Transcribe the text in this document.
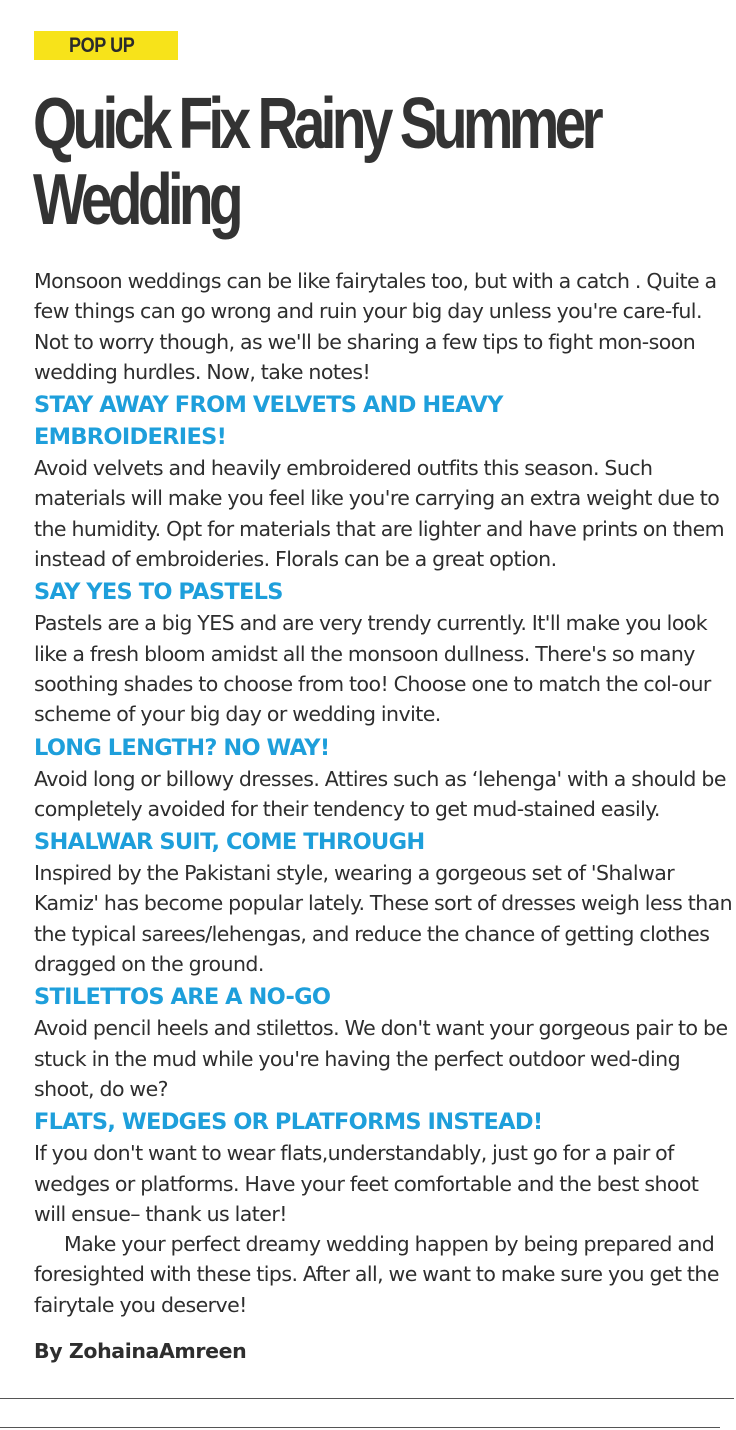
POP UP
Quick Fix Rainy Summer
Wedding

Monsoon weddings can be like fairytales too, but with a catch . Quite a few things can go wrong and ruin your big day unless you're care-ful. Not to worry though, as we'll be sharing a few tips to fight mon-soon wedding hurdles. Now, take notes!

STAY AWAY FROM VELVETS AND HEAVY EMBROIDERIES!

Avoid velvets and heavily embroidered outfits this season. Such materials will make you feel like you're carrying an extra weight due to the humidity. Opt for materials that are lighter and have prints on them instead of embroideries. Florals can be a great option.

SAY YES TO PASTELS

Pastels are a big YES and are very trendy currently. It'll make you look like a fresh bloom amidst all the monsoon dullness. There's so many soothing shades to choose from too! Choose one to match the col-our scheme of your big day or wedding invite.

LONG LENGTH? NO WAY!

Avoid long or billowy dresses. Attires such as ‘lehenga' with a should be completely avoided for their tendency to get mud-stained easily.

SHALWAR SUIT, COME THROUGH

Inspired by the Pakistani style, wearing a gorgeous set of 'Shalwar Kamiz' has become popular lately. These sort of dresses weigh less than the typical sarees/lehengas, and reduce the chance of getting clothes dragged on the ground.

STILETTOS ARE A NO-GO

Avoid pencil heels and stilettos. We don't want your gorgeous pair to be stuck in the mud while you're having the perfect outdoor wed-ding shoot, do we?

FLATS, WEDGES OR PLATFORMS INSTEAD!

If you don't want to wear flats,understandably, just go for a pair of wedges or platforms. Have your feet comfortable and the best shoot will ensue– thank us later!

Make your perfect dreamy wedding happen by being prepared and foresighted with these tips. After all, we want to make sure you get the fairytale you deserve!

By ZohainaAmreen
